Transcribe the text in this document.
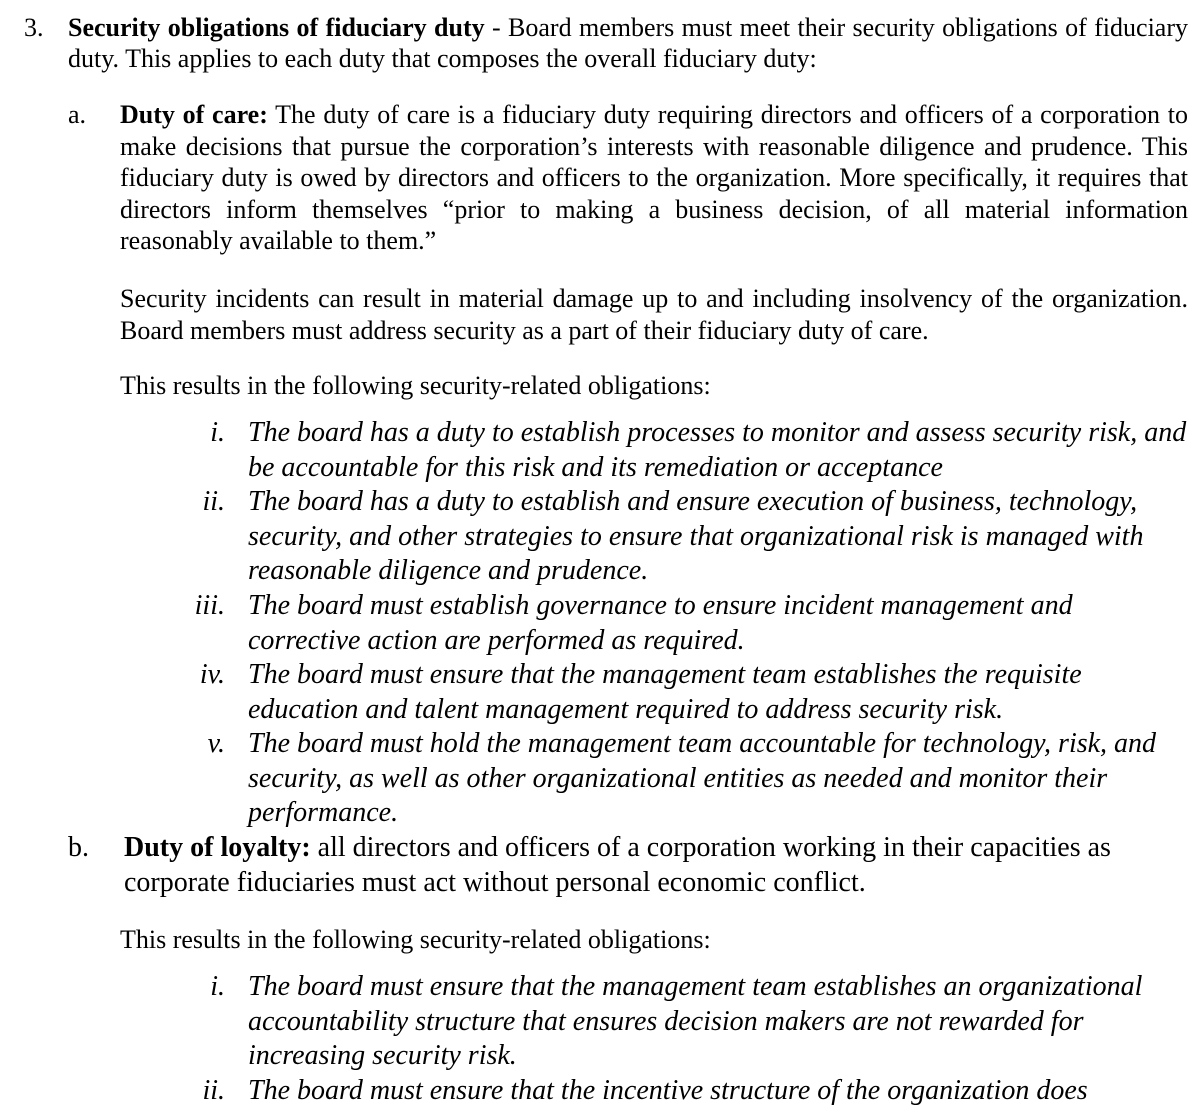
3. Security obligations of fiduciary duty - Board members must meet their security obligations of fiduciary duty. This applies to each duty that composes the overall fiduciary duty:
a. Duty of care: The duty of care is a fiduciary duty requiring directors and officers of a corporation to make decisions that pursue the corporation’s interests with reasonable diligence and prudence. This fiduciary duty is owed by directors and officers to the organization. More specifically, it requires that directors inform themselves “prior to making a business decision, of all material information reasonably available to them.”
Security incidents can result in material damage up to and including insolvency of the organization. Board members must address security as a part of their fiduciary duty of care.
This results in the following security-related obligations:
i. The board has a duty to establish processes to monitor and assess security risk, and be accountable for this risk and its remediation or acceptance
ii. The board has a duty to establish and ensure execution of business, technology, security, and other strategies to ensure that organizational risk is managed with reasonable diligence and prudence.
iii. The board must establish governance to ensure incident management and corrective action are performed as required.
iv. The board must ensure that the management team establishes the requisite education and talent management required to address security risk.
v. The board must hold the management team accountable for technology, risk, and security, as well as other organizational entities as needed and monitor their performance.
b. Duty of loyalty: all directors and officers of a corporation working in their capacities as corporate fiduciaries must act without personal economic conflict.
This results in the following security-related obligations:
i. The board must ensure that the management team establishes an organizational accountability structure that ensures decision makers are not rewarded for increasing security risk.
ii. The board must ensure that the incentive structure of the organization does
